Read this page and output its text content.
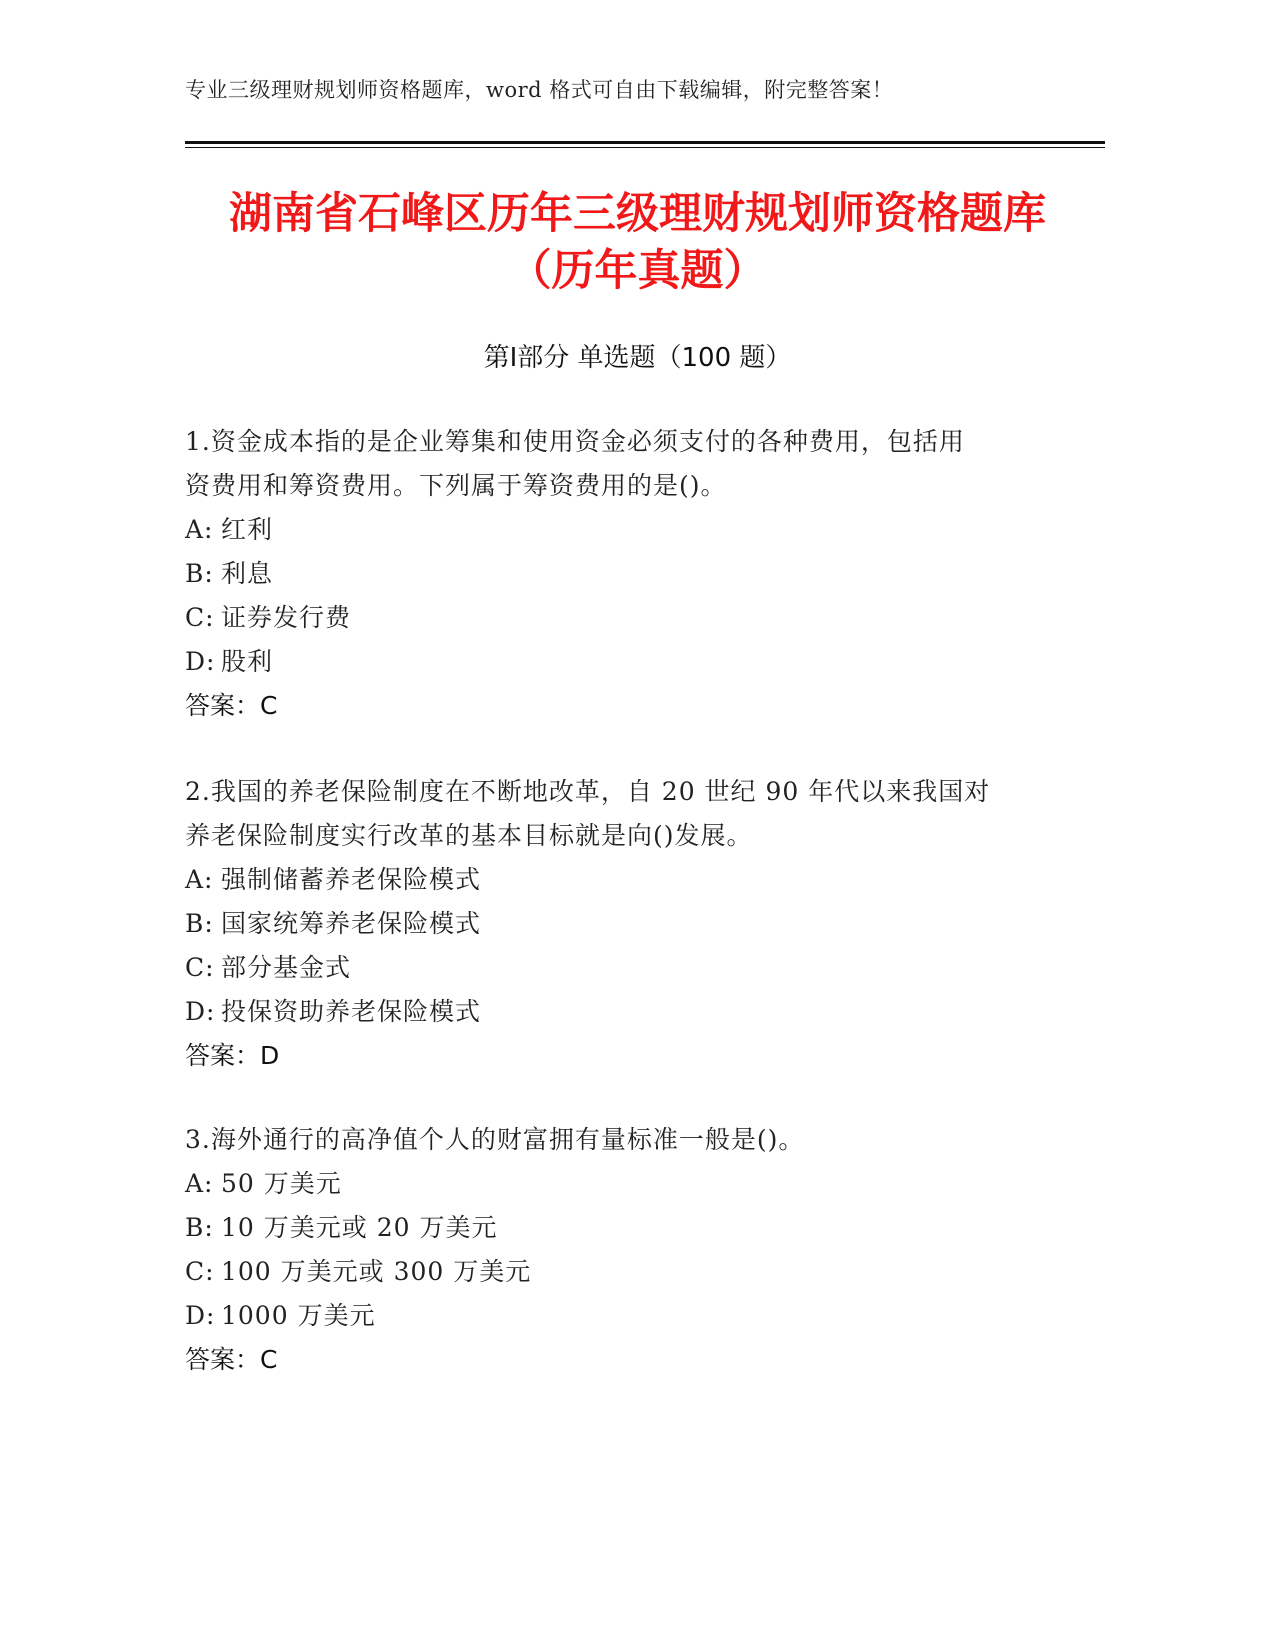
专业三级理财规划师资格题库，word 格式可自由下载编辑，附完整答案！
湖南省石峰区历年三级理财规划师资格题库
（历年真题）
第Ⅰ部分 单选题（100 题）
1.资金成本指的是企业筹集和使用资金必须支付的各种费用，包括用
资费用和筹资费用。下列属于筹资费用的是()。
A: 红利
B: 利息
C: 证券发行费
D: 股利
答案：C
2.我国的养老保险制度在不断地改革，自 20 世纪 90 年代以来我国对
养老保险制度实行改革的基本目标就是向()发展。
A: 强制储蓄养老保险模式
B: 国家统筹养老保险模式
C: 部分基金式
D: 投保资助养老保险模式
答案：D
3.海外通行的高净值个人的财富拥有量标准一般是()。
A: 50 万美元
B: 10 万美元或 20 万美元
C: 100 万美元或 300 万美元
D: 1000 万美元
答案：C
